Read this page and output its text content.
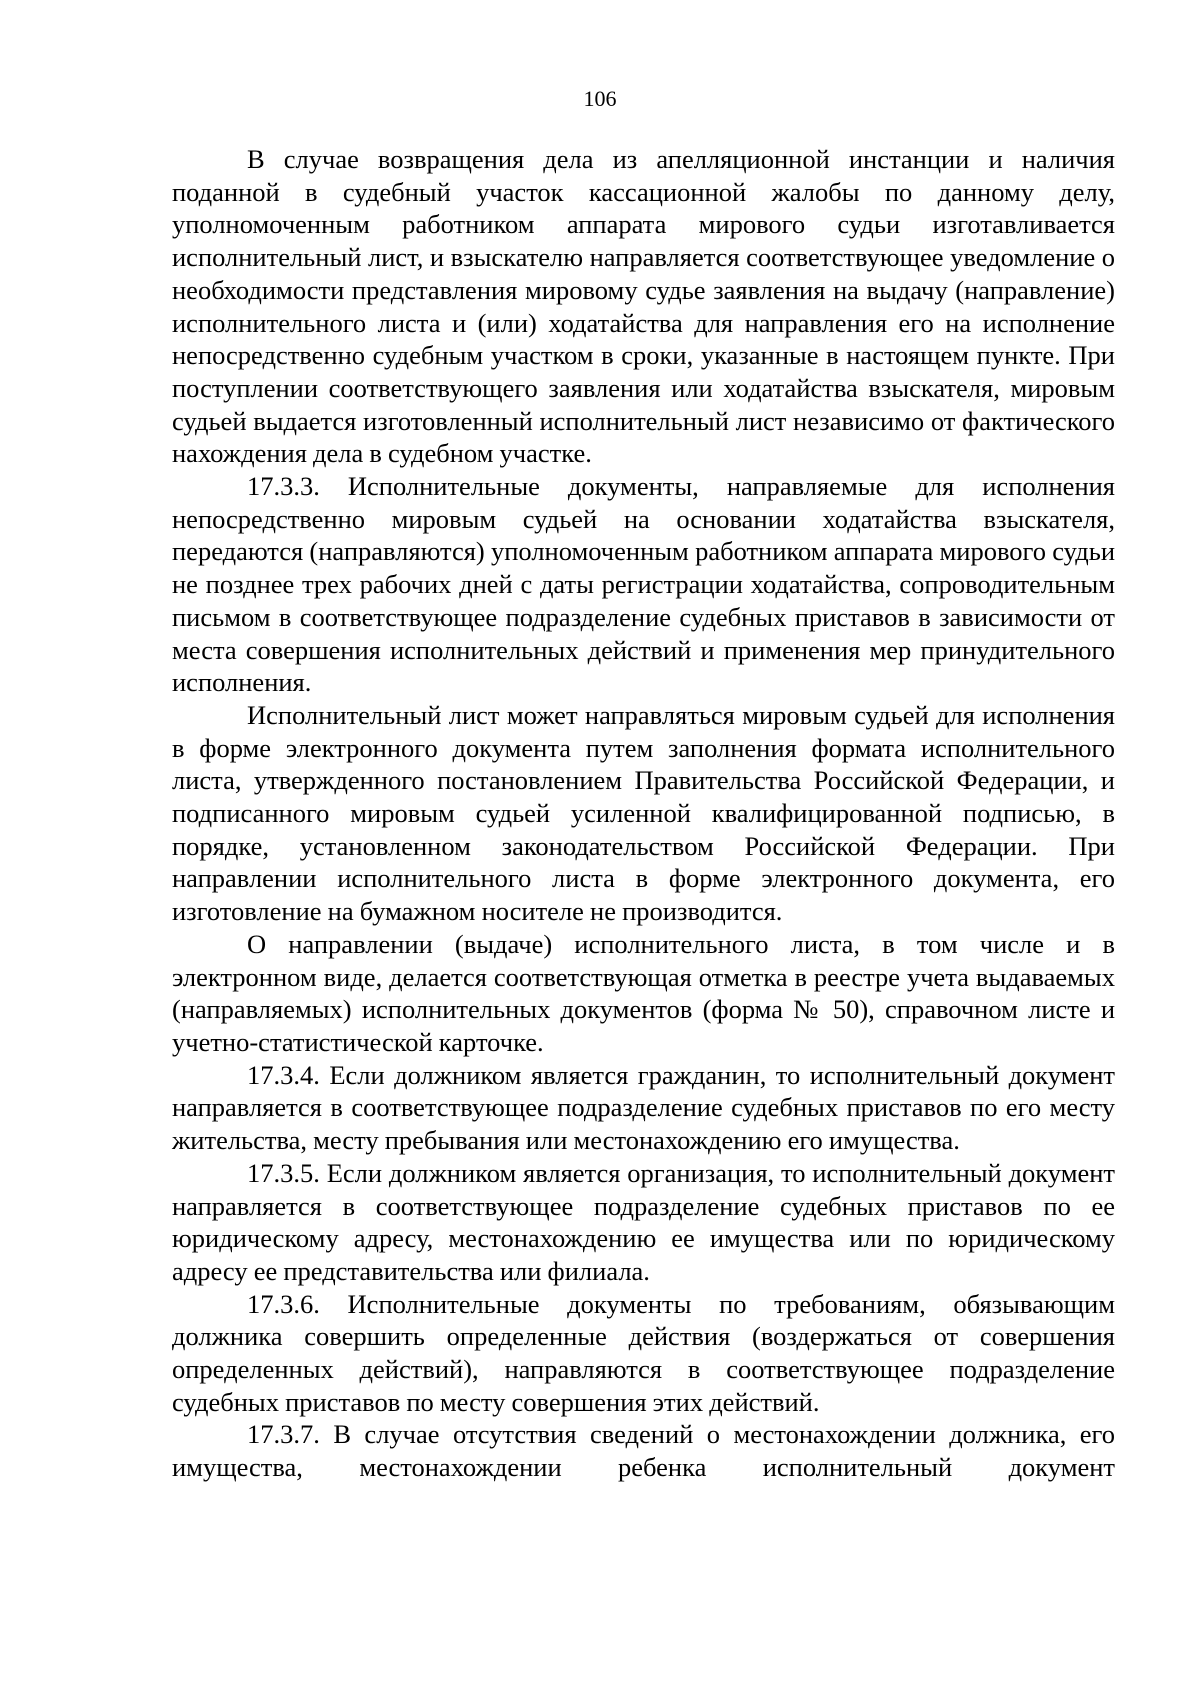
106

В случае возвращения дела из апелляционной инстанции и наличия поданной в судебный участок кассационной жалобы по данному делу, уполномоченным работником аппарата мирового судьи изготавливается исполнительный лист, и взыскателю направляется соответствующее уведомление о необходимости представления мировому судье заявления на выдачу (направление) исполнительного листа и (или) ходатайства для направления его на исполнение непосредственно судебным участком в сроки, указанные в настоящем пункте. При поступлении соответствующего заявления или ходатайства взыскателя, мировым судьей выдается изготовленный исполнительный лист независимо от фактического нахождения дела в судебном участке.

17.3.3. Исполнительные документы, направляемые для исполнения непосредственно мировым судьей на основании ходатайства взыскателя, передаются (направляются) уполномоченным работником аппарата мирового судьи не позднее трех рабочих дней с даты регистрации ходатайства, сопроводительным письмом в соответствующее подразделение судебных приставов в зависимости от места совершения исполнительных действий и применения мер принудительного исполнения.

Исполнительный лист может направляться мировым судьей для исполнения в форме электронного документа путем заполнения формата исполнительного листа, утвержденного постановлением Правительства Российской Федерации, и подписанного мировым судьей усиленной квалифицированной подписью, в порядке, установленном законодательством Российской Федерации. При направлении исполнительного листа в форме электронного документа, его изготовление на бумажном носителе не производится.

О направлении (выдаче) исполнительного листа, в том числе и в электронном виде, делается соответствующая отметка в реестре учета выдаваемых (направляемых) исполнительных документов (форма № 50), справочном листе и учетно-статистической карточке.

17.3.4. Если должником является гражданин, то исполнительный документ направляется в соответствующее подразделение судебных приставов по его месту жительства, месту пребывания или местонахождению его имущества.

17.3.5. Если должником является организация, то исполнительный документ направляется в соответствующее подразделение судебных приставов по ее юридическому адресу, местонахождению ее имущества или по юридическому адресу ее представительства или филиала.

17.3.6. Исполнительные документы по требованиям, обязывающим должника совершить определенные действия (воздержаться от совершения определенных действий), направляются в соответствующее подразделение судебных приставов по месту совершения этих действий.

17.3.7. В случае отсутствия сведений о местонахождении должника, его имущества, местонахождении ребенка исполнительный документ
